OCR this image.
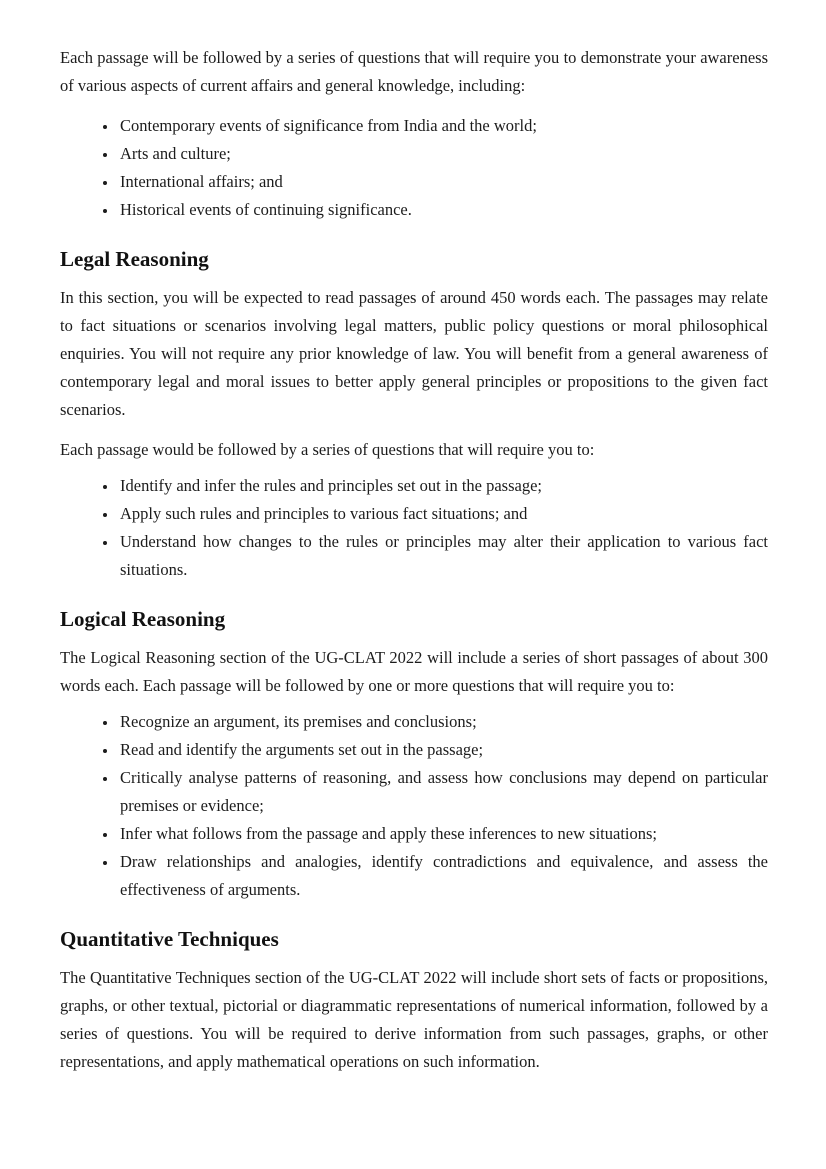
Each passage will be followed by a series of questions that will require you to demonstrate your awareness of various aspects of current affairs and general knowledge, including:

• Contemporary events of significance from India and the world;
• Arts and culture;
• International affairs; and
• Historical events of continuing significance.
Legal Reasoning

In this section, you will be expected to read passages of around 450 words each. The passages may relate to fact situations or scenarios involving legal matters, public policy questions or moral philosophical enquiries. You will not require any prior knowledge of law. You will benefit from a general awareness of contemporary legal and moral issues to better apply general principles or propositions to the given fact scenarios.

Each passage would be followed by a series of questions that will require you to:

• Identify and infer the rules and principles set out in the passage;
• Apply such rules and principles to various fact situations; and
• Understand how changes to the rules or principles may alter their application to various fact situations.
Logical Reasoning

The Logical Reasoning section of the UG-CLAT 2022 will include a series of short passages of about 300 words each. Each passage will be followed by one or more questions that will require you to:

• Recognize an argument, its premises and conclusions;
• Read and identify the arguments set out in the passage;
• Critically analyse patterns of reasoning, and assess how conclusions may depend on particular premises or evidence;
• Infer what follows from the passage and apply these inferences to new situations;
• Draw relationships and analogies, identify contradictions and equivalence, and assess the effectiveness of arguments.
Quantitative Techniques

The Quantitative Techniques section of the UG-CLAT 2022 will include short sets of facts or propositions, graphs, or other textual, pictorial or diagrammatic representations of numerical information, followed by a series of questions. You will be required to derive information from such passages, graphs, or other representations, and apply mathematical operations on such information.
